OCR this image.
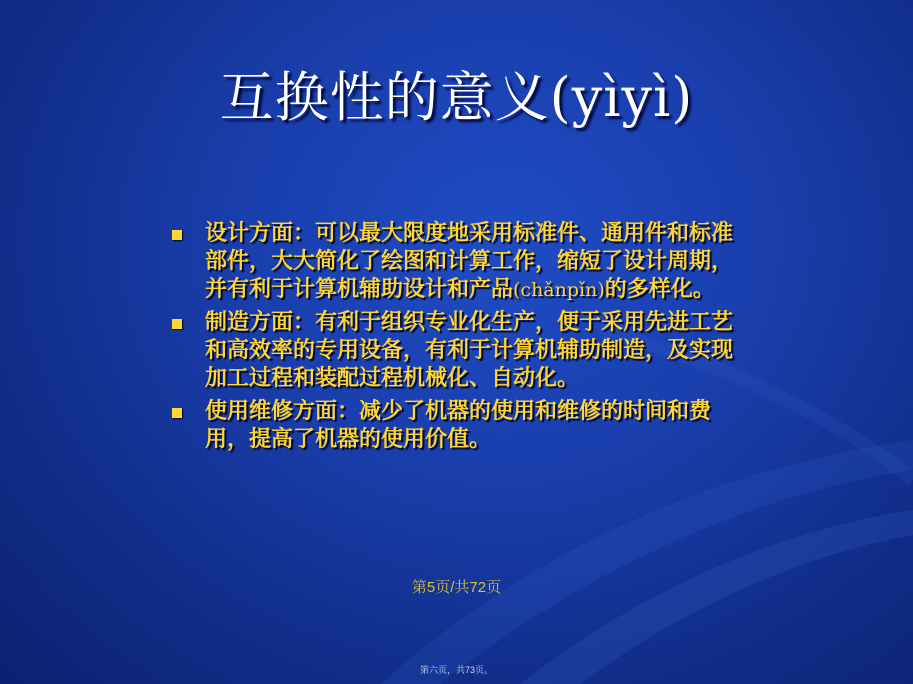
互换性的意义(yìyì)
设计方面：可以最大限度地采用标准件、通用件和标准部件，大大简化了绘图和计算工作，缩短了设计周期，并有利于计算机辅助设计和产品(chǎnpǐn)的多样化。
制造方面：有利于组织专业化生产，便于采用先进工艺和高效率的专用设备，有利于计算机辅助制造，及实现加工过程和装配过程机械化、自动化。
使用维修方面：减少了机器的使用和维修的时间和费用，提高了机器的使用价值。
第5页/共72页
第六页，共73页。
